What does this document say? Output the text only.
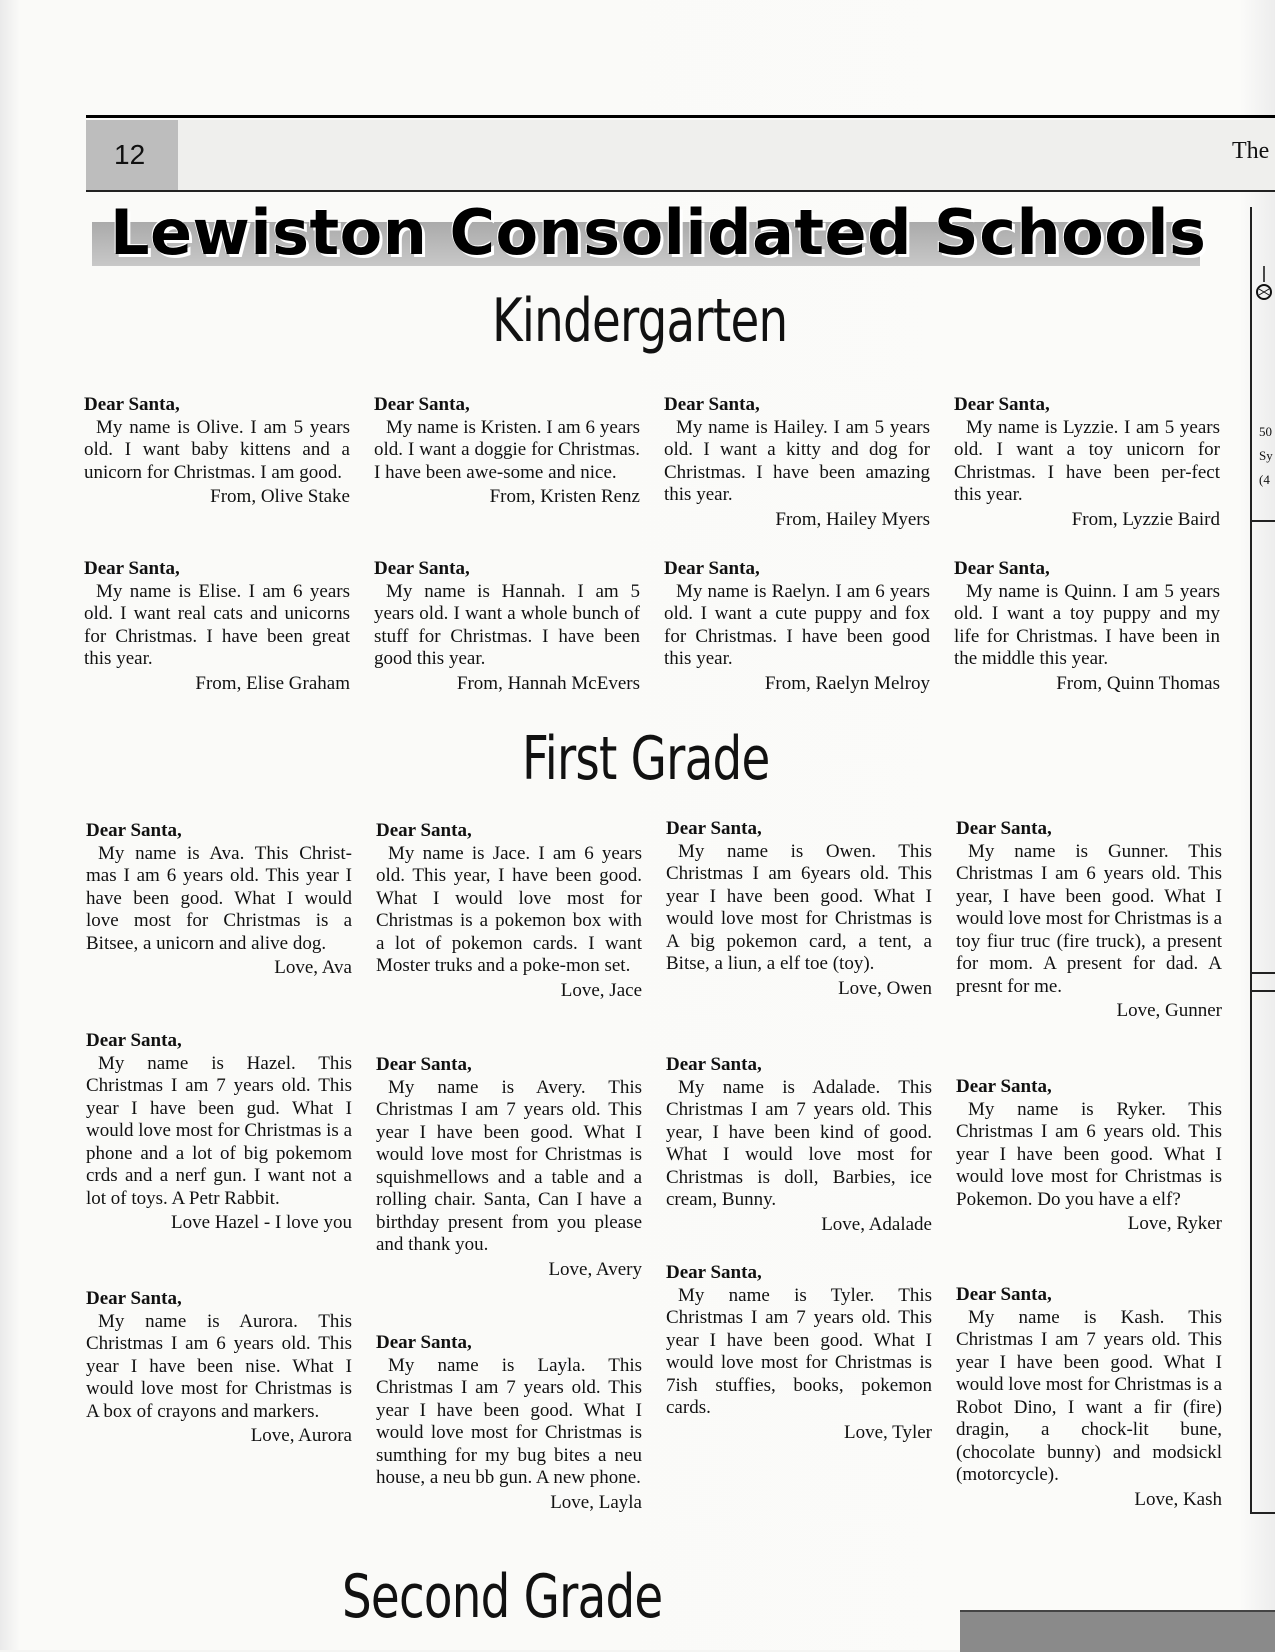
12	The
Lewiston Consolidated Schools
Kindergarten
Dear Santa,
My name is Olive. I am 5 years old. I want baby kittens and a unicorn for Christmas. I am good.
From, Olive Stake
Dear Santa,
My name is Kristen. I am 6 years old. I want a doggie for Christmas. I have been awe-some and nice.
From, Kristen Renz
Dear Santa,
My name is Hailey. I am 5 years old. I want a kitty and dog for Christmas. I have been amazing this year.
From, Hailey Myers
Dear Santa,
My name is Lyzzie. I am 5 years old. I want a toy unicorn for Christmas. I have been per-fect this year.
From, Lyzzie Baird
Dear Santa,
My name is Elise. I am 6 years old. I want real cats and unicorns for Christmas. I have been great this year.
From, Elise Graham
Dear Santa,
My name is Hannah. I am 5 years old. I want a whole bunch of stuff for Christmas. I have been good this year.
From, Hannah McEvers
Dear Santa,
My name is Raelyn. I am 6 years old. I want a cute puppy and fox for Christmas. I have been good this year.
From, Raelyn Melroy
Dear Santa,
My name is Quinn. I am 5 years old. I want a toy puppy and my life for Christmas. I have been in the middle this year.
From, Quinn Thomas
First Grade
Dear Santa,
My name is Ava. This Christ-mas I am 6 years old. This year I have been good. What I would love most for Christmas is a Bitsee, a unicorn and alive dog.
Love, Ava
Dear Santa,
My name is Jace. I am 6 years old. This year, I have been good. What I would love most for Christmas is a pokemon box with a lot of pokemon cards. I want Moster truks and a poke-mon set.
Love, Jace
Dear Santa,
My name is Owen. This Christmas I am 6years old. This year I have been good. What I would love most for Christmas is A big pokemon card, a tent, a Bitse, a liun, a elf toe (toy).
Love, Owen
Dear Santa,
My name is Gunner. This Christmas I am 6 years old. This year, I have been good. What I would love most for Christmas is a toy fiur truc (fire truck), a present for mom. A present for dad. A presnt for me.
Love, Gunner
Dear Santa,
My name is Hazel. This Christmas I am 7 years old. This year I have been gud. What I would love most for Christmas is a phone and a lot of big pokemom crds and a nerf gun. I want not a lot of toys. A Petr Rabbit.
Love Hazel - I love you
Dear Santa,
My name is Avery. This Christmas I am 7 years old. This year I have been good. What I would love most for Christmas is squishmellows and a table and a rolling chair. Santa, Can I have a birthday present from you please and thank you.
Love, Avery
Dear Santa,
My name is Adalade. This Christmas I am 7 years old. This year, I have been kind of good. What I would love most for Christmas is doll, Barbies, ice cream, Bunny.
Love, Adalade
Dear Santa,
My name is Ryker. This Christmas I am 6 years old. This year I have been good. What I would love most for Christmas is Pokemon. Do you have a elf?
Love, Ryker
Dear Santa,
My name is Aurora. This Christmas I am 6 years old. This year I have been nise. What I would love most for Christmas is A box of crayons and markers.
Love, Aurora
Dear Santa,
My name is Layla. This Christmas I am 7 years old. This year I have been good. What I would love most for Christmas is sumthing for my bug bites a neu house, a neu bb gun. A new phone.
Love, Layla
Dear Santa,
My name is Tyler. This Christmas I am 7 years old. This year I have been good. What I would love most for Christmas is 7ish stuffies, books, pokemon cards.
Love, Tyler
Dear Santa,
My name is Kash. This Christmas I am 7 years old. This year I have been good. What I would love most for Christmas is a Robot Dino, I want a fir (fire) dragin, a chock-lit bune, (chocolate bunny) and modsickl (motorcycle).
Love, Kash
Second Grade
50
Sy
(4
